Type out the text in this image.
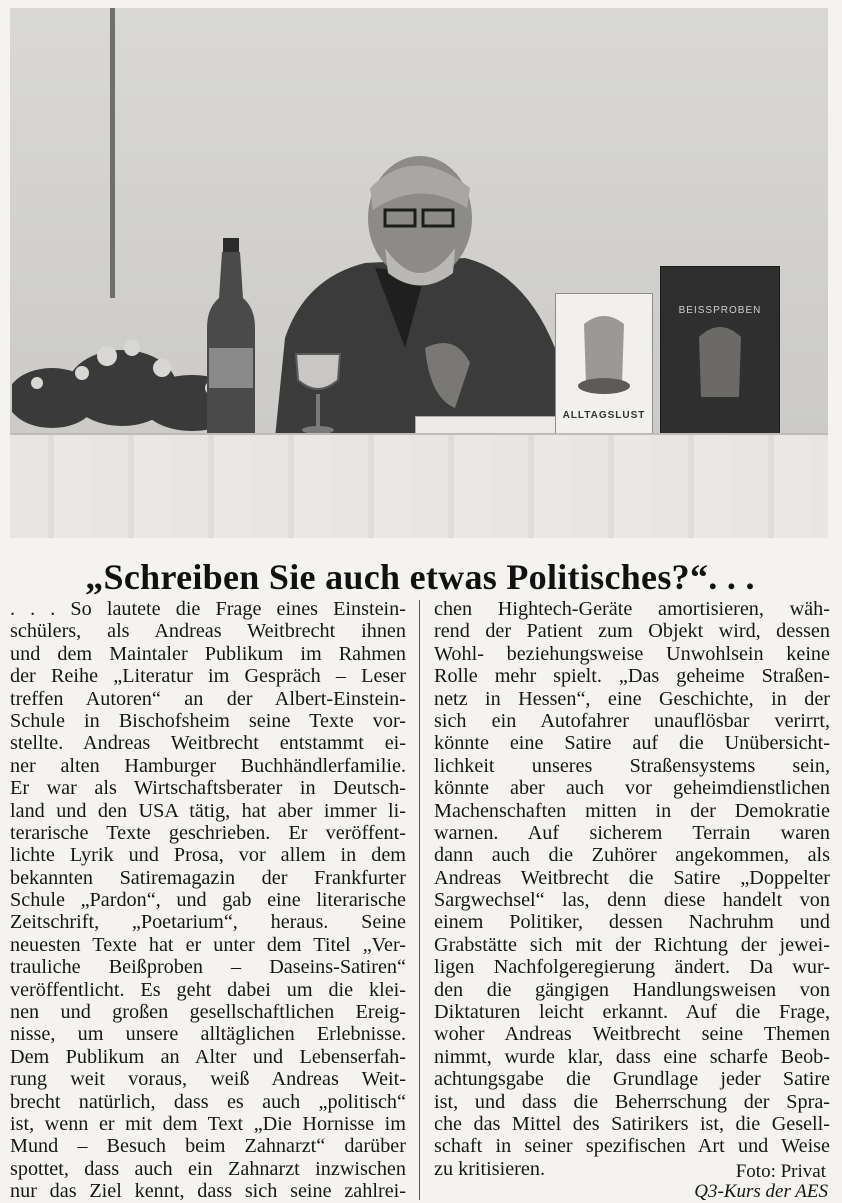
ALLTAGSLUST
BEISSPROBEN
„Schreiben Sie auch etwas Politisches?“. . .
. . . So lautete die Frage eines Einstein-
schülers, als Andreas Weitbrecht ihnen
und dem Maintaler Publikum im Rahmen
der Reihe „Literatur im Gespräch – Leser
treffen Autoren“ an der Albert-Einstein-
Schule in Bischofsheim seine Texte vor-
stellte. Andreas Weitbrecht entstammt ei-
ner alten Hamburger Buchhändlerfamilie.
Er war als Wirtschaftsberater in Deutsch-
land und den USA tätig, hat aber immer li-
terarische Texte geschrieben. Er veröffent-
lichte Lyrik und Prosa, vor allem in dem
bekannten Satiremagazin der Frankfurter
Schule „Pardon“, und gab eine literarische
Zeitschrift, „Poetarium“, heraus. Seine
neuesten Texte hat er unter dem Titel „Ver-
trauliche Beißproben – Daseins-Satiren“
veröffentlicht. Es geht dabei um die klei-
nen und großen gesellschaftlichen Ereig-
nisse, um unsere alltäglichen Erlebnisse.
Dem Publikum an Alter und Lebenserfah-
rung weit voraus, weiß Andreas Weit-
brecht natürlich, dass es auch „politisch“
ist, wenn er mit dem Text „Die Hornisse im
Mund – Besuch beim Zahnarzt“ darüber
spottet, dass auch ein Zahnarzt inzwischen
nur das Ziel kennt, dass sich seine zahlrei-
chen Hightech-Geräte amortisieren, wäh-
rend der Patient zum Objekt wird, dessen
Wohl- beziehungsweise Unwohlsein keine
Rolle mehr spielt. „Das geheime Straßen-
netz in Hessen“, eine Geschichte, in der
sich ein Autofahrer unauflösbar verirrt,
könnte eine Satire auf die Unübersicht-
lichkeit unseres Straßensystems sein,
könnte aber auch vor geheimdienstlichen
Machenschaften mitten in der Demokratie
warnen. Auf sicherem Terrain waren
dann auch die Zuhörer angekommen, als
Andreas Weitbrecht die Satire „Doppelter
Sargwechsel“ las, denn diese handelt von
einem Politiker, dessen Nachruhm und
Grabstätte sich mit der Richtung der jewei-
ligen Nachfolgeregierung ändert. Da wur-
den die gängigen Handlungsweisen von
Diktaturen leicht erkannt. Auf die Frage,
woher Andreas Weitbrecht seine Themen
nimmt, wurde klar, dass eine scharfe Beob-
achtungsgabe die Grundlage jeder Satire
ist, und dass die Beherrschung der Spra-
che das Mittel des Satirikers ist, die Gesell-
schaft in seiner spezifischen Art und Weise
zu kritisieren.	Foto: Privat
Q3-Kurs der AES
